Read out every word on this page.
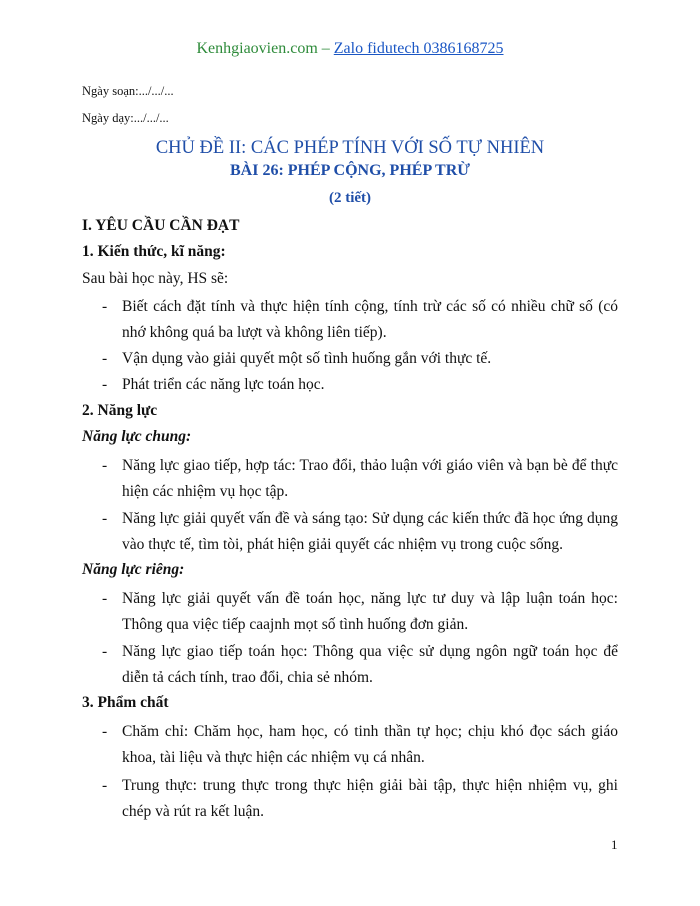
Kenhgiaovien.com – Zalo fidutech 0386168725
Ngày soạn:.../.../...
Ngày dạy:.../.../...
CHỦ ĐỀ II: CÁC PHÉP TÍNH VỚI SỐ TỰ NHIÊN
BÀI 26: PHÉP CỘNG, PHÉP TRỪ
(2 tiết)
I. YÊU CẦU CẦN ĐẠT
1. Kiến thức, kĩ năng:
Sau bài học này, HS sẽ:
- Biết cách đặt tính và thực hiện tính cộng, tính trừ các số có nhiều chữ số (có nhớ không quá ba lượt và không liên tiếp).
- Vận dụng vào giải quyết một số tình huống gắn với thực tế.
- Phát triển các năng lực toán học.
2. Năng lực
Năng lực chung:
- Năng lực giao tiếp, hợp tác: Trao đổi, thảo luận với giáo viên và bạn bè để thực hiện các nhiệm vụ học tập.
- Năng lực giải quyết vấn đề và sáng tạo: Sử dụng các kiến thức đã học ứng dụng vào thực tế, tìm tòi, phát hiện giải quyết các nhiệm vụ trong cuộc sống.
Năng lực riêng:
- Năng lực giải quyết vấn đề toán học, năng lực tư duy và lập luận toán học: Thông qua việc tiếp caajnh mọt số tình huống đơn giản.
- Năng lực giao tiếp toán học: Thông qua việc sử dụng ngôn ngữ toán học để diễn tả cách tính, trao đổi, chia sẻ nhóm.
3. Phẩm chất
- Chăm chỉ: Chăm học, ham học, có tinh thần tự học; chịu khó đọc sách giáo khoa, tài liệu và thực hiện các nhiệm vụ cá nhân.
- Trung thực: trung thực trong thực hiện giải bài tập, thực hiện nhiệm vụ, ghi chép và rút ra kết luận.
1
